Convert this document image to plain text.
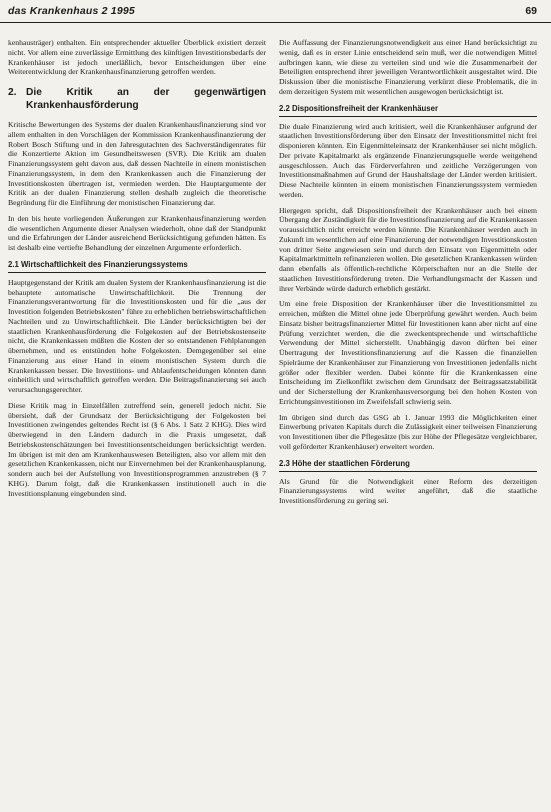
das Krankenhaus 2 1995	69

kenhausträger) enthalten. Ein entsprechender aktueller Überblick existiert derzeit nicht. Vor allem eine zuverlässige Ermittlung des künftigen Investitionsbedarfs der Krankenhäuser ist jedoch unerläßlich, bevor Entscheidungen über eine Weiterentwicklung der Krankenhausfinanzierung getroffen werden.

2. Die Kritik an der gegenwärtigen Krankenhausförderung

Kritische Bewertungen des Systems der dualen Krankenhausfinanzierung sind vor allem enthalten in den Vorschlägen der Kommission Krankenhausfinanzierung der Robert Bosch Stiftung und in den Jahresgutachten des Sachverständigenrates für die Konzertierte Aktion im Gesundheitswesen (SVR). Die Kritik am dualen Finanzierungssystem geht davon aus, daß dessen Nachteile in einem monistischen Finanzierungssystem, in dem den Krankenkassen auch die Finanzierung der Investitionskosten übertragen ist, vermieden werden. Die Hauptargumente der Kritik an der dualen Finanzierung stellen deshalb zugleich die theoretische Begründung für die Einführung der monistischen Finanzierung dar.

In den bis heute vorliegenden Äußerungen zur Krankenhausfinanzierung werden die wesentlichen Argumente dieser Analysen wiederholt, ohne daß der Standpunkt und die Erfahrungen der Länder ausreichend Berücksichtigung gefunden hätten. Es ist deshalb eine vertiefte Behandlung der einzelnen Argumente erforderlich.

2.1 Wirtschaftlichkeit des Finanzierungssystems

Hauptgegenstand der Kritik am dualen System der Krankenhausfinanzierung ist die behauptete automatische Unwirtschaftlichkeit. Die Trennung der Finanzierungsverantwortung für die Investitionskosten und für die „aus der Investition folgenden Betriebskosten" führe zu erheblichen betriebswirtschaftlichen Nachteilen und zu Unwirtschaftlichkeit. Die Länder berücksichtigten bei der staatlichen Krankenhausförderung die Folgekosten auf der Betriebskostenseite nicht, die Krankenkassen müßten die Kosten der so entstandenen Fehlplanungen übernehmen, und es entstünden hohe Folgekosten. Demgegenüber sei eine Finanzierung aus einer Hand in einem monistischen System durch die Krankenkassen besser. Die Investitions- und Ablaufentscheidungen könnten dann einheitlich und wirtschaftlich getroffen werden. Die Beitragsfinanzierung sei auch verursachungsgerechter.

Diese Kritik mag in Einzelfällen zutreffend sein, generell jedoch nicht. Sie übersieht, daß der Grundsatz der Berücksichtigung der Folgekosten bei Investitionen zwingendes geltendes Recht ist (§ 6 Abs. 1 Satz 2 KHG). Dies wird überwiegend in den Ländern dadurch in die Praxis umgesetzt, daß Betriebskostenschätzungen bei Investitionsentscheidungen berücksichtigt werden. Im übrigen ist mit den am Krankenhauswesen Beteiligten, also vor allem mit den gesetzlichen Krankenkassen, nicht nur Einvernehmen bei der Krankenhausplanung, sondern auch bei der Aufstellung von Investitionsprogrammen anzustreben (§ 7 KHG). Darum folgt, daß die Krankenkassen institutionell auch in die Investitionsplanung eingebunden sind.

Die Auffassung der Finanzierungsnotwendigkeit aus einer Hand berücksichtigt zu wenig, daß es in erster Linie entscheidend sein muß, wer die notwendigen Mittel aufbringen kann, wie diese zu verteilen sind und wie die Zusammenarbeit der Beteiligten entsprechend ihrer jeweiligen Verantwortlichkeit ausgestaltet wird. Die Diskussion über die monistische Finanzierung verkürzt diese Problematik, die in dem derzeitigen System mit wesentlichen ausgewogen berücksichtigt ist.

2.2 Dispositionsfreiheit der Krankenhäuser

Die duale Finanzierung wird auch kritisiert, weil die Krankenhäuser aufgrund der staatlichen Investitionsförderung über den Einsatz der Investitionsmittel nicht frei disponieren könnten. Ein Eigenmitteleinsatz der Krankenhäuser sei nicht möglich. Der private Kapitalmarkt als ergänzende Finanzierungsquelle werde weitgehend ausgeschlossen. Auch das Förderverfahren und zeitliche Verzögerungen von Investitionsmaßnahmen auf Grund der Haushaltslage der Länder werden kritisiert. Diese Nachteile könnten in einem monistischen Finanzierungssystem vermieden werden.

Hiergegen spricht, daß Dispositionsfreiheit der Krankenhäuser auch bei einem Übergang der Zuständigkeit für die Investitionsfinanzierung auf die Krankenkassen voraussichtlich nicht erreicht werden könnte. Die Krankenhäuser werden auch in Zukunft im wesentlichen auf eine Finanzierung der notwendigen Investitionskosten von dritter Seite angewiesen sein und durch den Einsatz von Eigenmitteln oder Kapitalmarktmitteln refinanzieren wollen. Die gesetzlichen Krankenkassen würden dann ebenfalls als öffentlich-rechtliche Körperschaften nur an die Stelle der staatlichen Investitionsförderung treten. Die Verhandlungsmacht der Kassen und ihrer Verbände würde dadurch erheblich gestärkt.

Um eine freie Disposition der Krankenhäuser über die Investitionsmittel zu erreichen, müßten die Mittel ohne jede Überprüfung gewährt werden. Auch beim Einsatz bisher beitragsfinanzierter Mittel für Investitionen kann aber nicht auf eine Prüfung verzichtet werden, die die zweckentsprechende und wirtschaftliche Verwendung der Mittel sicherstellt. Unabhängig davon dürften bei einer Übertragung der Investitionsfinanzierung auf die Kassen die finanziellen Spielräume der Krankenhäuser zur Finanzierung von Investitionen jedenfalls nicht größer oder flexibler werden. Dabei könnte für die Krankenkassen eine Entscheidung im Zielkonflikt zwischen dem Grundsatz der Beitragssatzstabilität und der Sicherstellung der Krankenhausversorgung bei den hohen Kosten von Errichtungsinvestitionen im Zweifelsfall schwierig sein.

Im übrigen sind durch das GSG ab 1. Januar 1993 die Möglichkeiten einer Einwerbung privaten Kapitals durch die Zulässigkeit einer teilweisen Finanzierung von Investitionen über die Pflegesätze (bis zur Höhe der Pflegesätze vergleichbarer, voll geförderter Krankenhäuser) erweitert worden.

2.3 Höhe der staatlichen Förderung

Als Grund für die Notwendigkeit einer Reform des derzeitigen Finanzierungssystems wird weiter angeführt, daß die staatliche Investitionsförderung zu gering sei.
